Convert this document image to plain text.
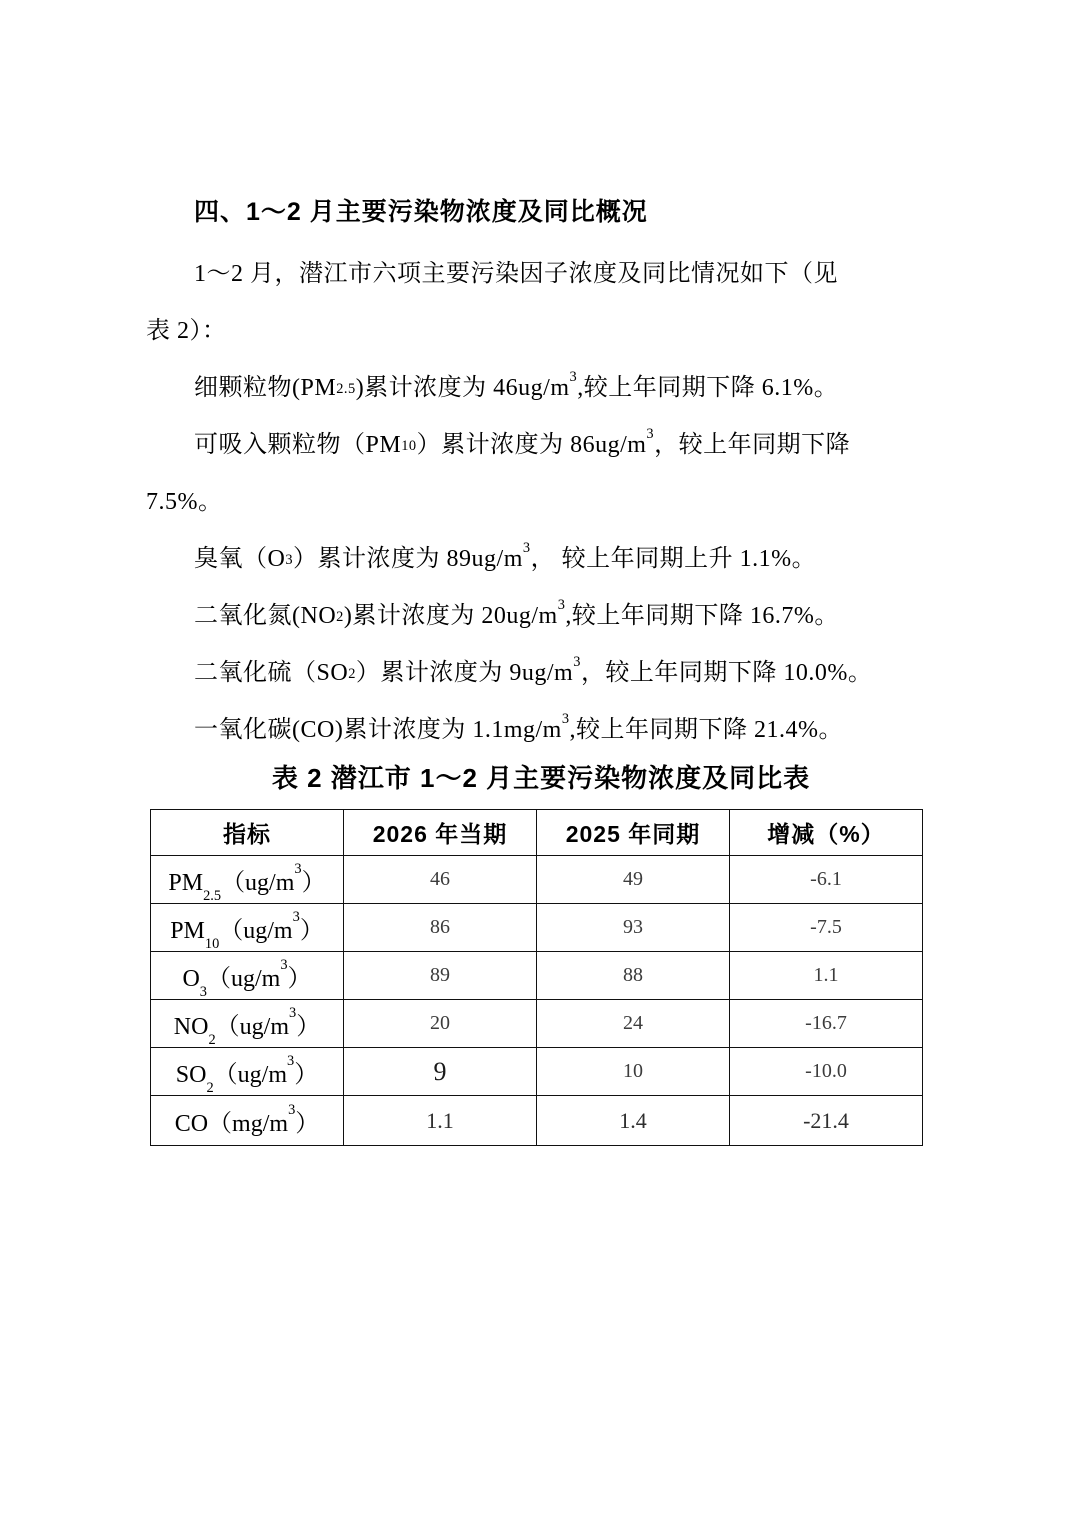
四、1～2 月主要污染物浓度及同比概况
1～2 月，潜江市六项主要污染因子浓度及同比情况如下（见
表 2）：
细颗粒物($PM_{2.5}$ )累计浓度为 $46ug/m^3$ ,较上年同期下降 6.1%。
可吸入颗粒物（$PM_{10}$ ）累计浓度为 $86ug/m^3$ ，较上年同期下降
7.5%。
臭氧（$O_3$ ）累计浓度为 $89ug/m^3$ ， 较上年同期上升 1.1%。
二氧化氮($NO_2$ )累计浓度为 $20ug/m^3$ ,较上年同期下降 16.7%。
二氧化硫（$SO_2$ ）累计浓度为 $9ug/m^3$ ，较上年同期下降 10.0%。
一氧化碳(CO)累计浓度为 $1.1mg/m^3$ ,较上年同期下降 21.4%。
表 2 潜江市 1～2 月主要污染物浓度及同比表
指标	2026 年当期	2025 年同期	增减（%）
$PM_{2.5}(ug/m^3)$	46	49	-6.1
$PM_{10}(ug/m^3)$	86	93	-7.5
$O_3(ug/m^3)$	89	88	1.1
$NO_2(ug/m^3)$	20	24	-16.7
$SO_2(ug/m^3)$	9	10	-10.0
$CO(mg/m^3)$	1.1	1.4	-21.4
